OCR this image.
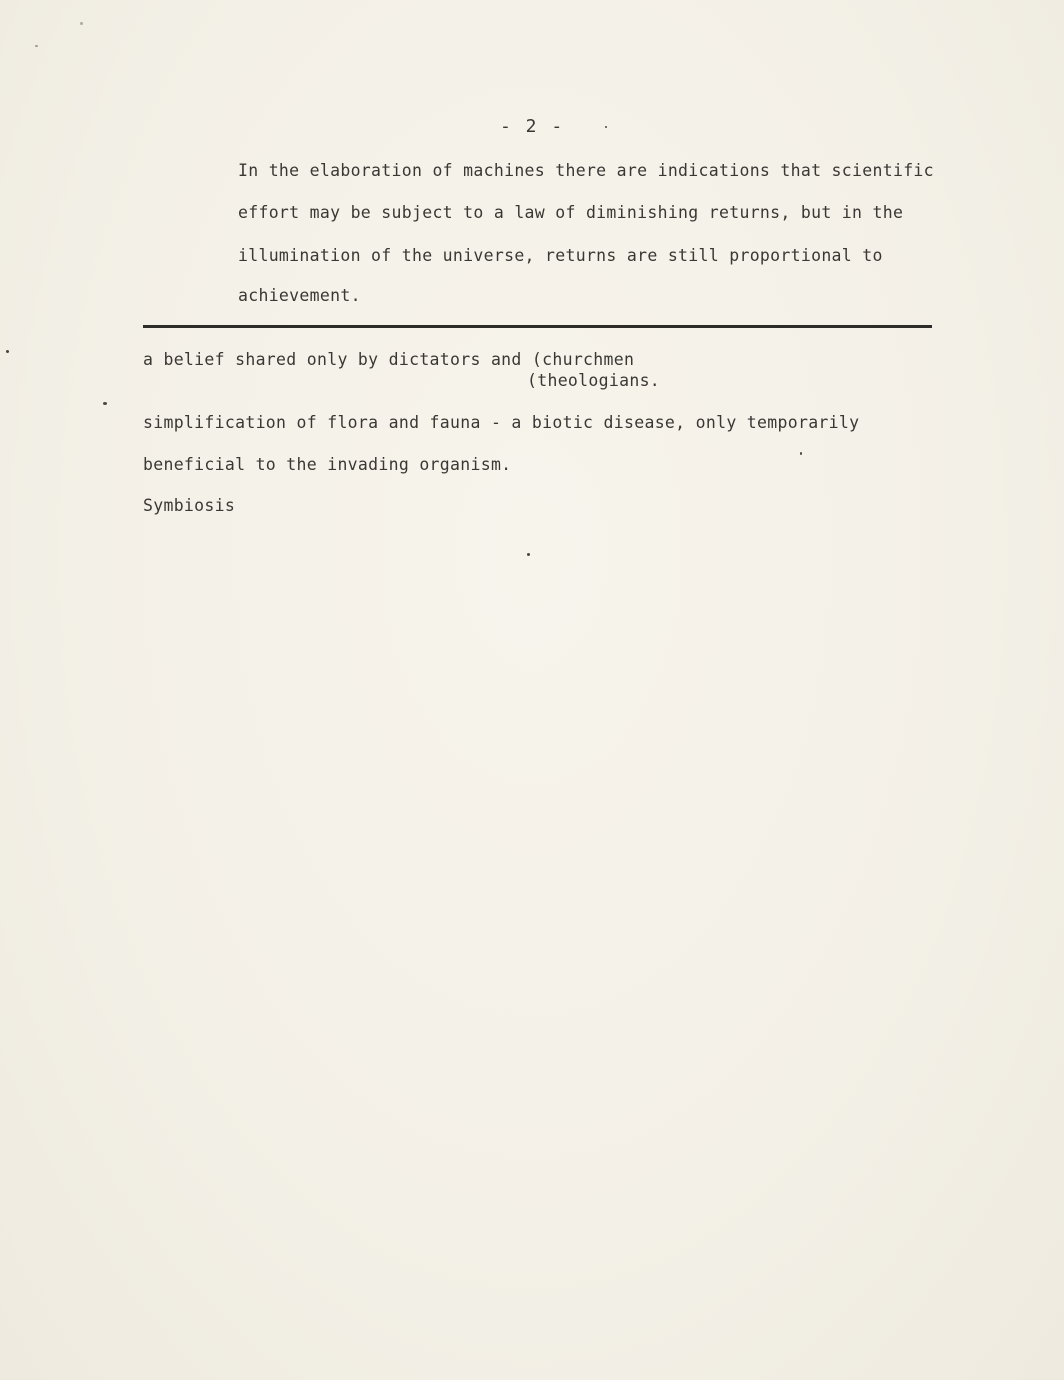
- 2 -
In the elaboration of machines there are indications that scientific
effort may be subject to a law of diminishing returns, but in the
illumination of the universe, returns are still proportional to
achievement.
a belief shared only by dictators and (churchmen
(theologians.
simplification of flora and fauna - a biotic disease, only temporarily
beneficial to the invading organism.
Symbiosis
